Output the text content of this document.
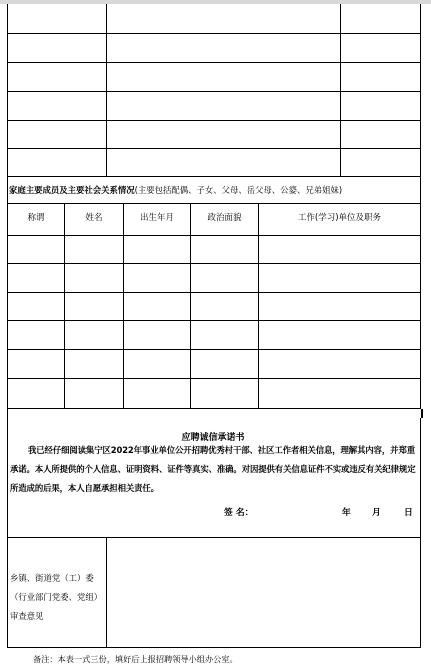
家庭主要成员及主要社会关系情况(主要包括配偶、子女、父母、岳父母、公婆、兄弟姐妹)
称谓	姓名	出生年月	政治面貌	工作(学习)单位及职务
应聘诚信承诺书
我已经仔细阅读集宁区2022年事业单位公开招聘优秀村干部、社区工作者相关信息，理解其内容，并郑重承诺。本人所提供的个人信息、证明资料、证件等真实、准确。对因提供有关信息证件不实或违反有关纪律规定所造成的后果，本人自愿承担相关责任。
签 名：	年 月	日
乡镇、街道党（工）委（行业部门党委、党组）审查意见
备注：本表一式三份，填好后上报招聘领导小组办公室。
